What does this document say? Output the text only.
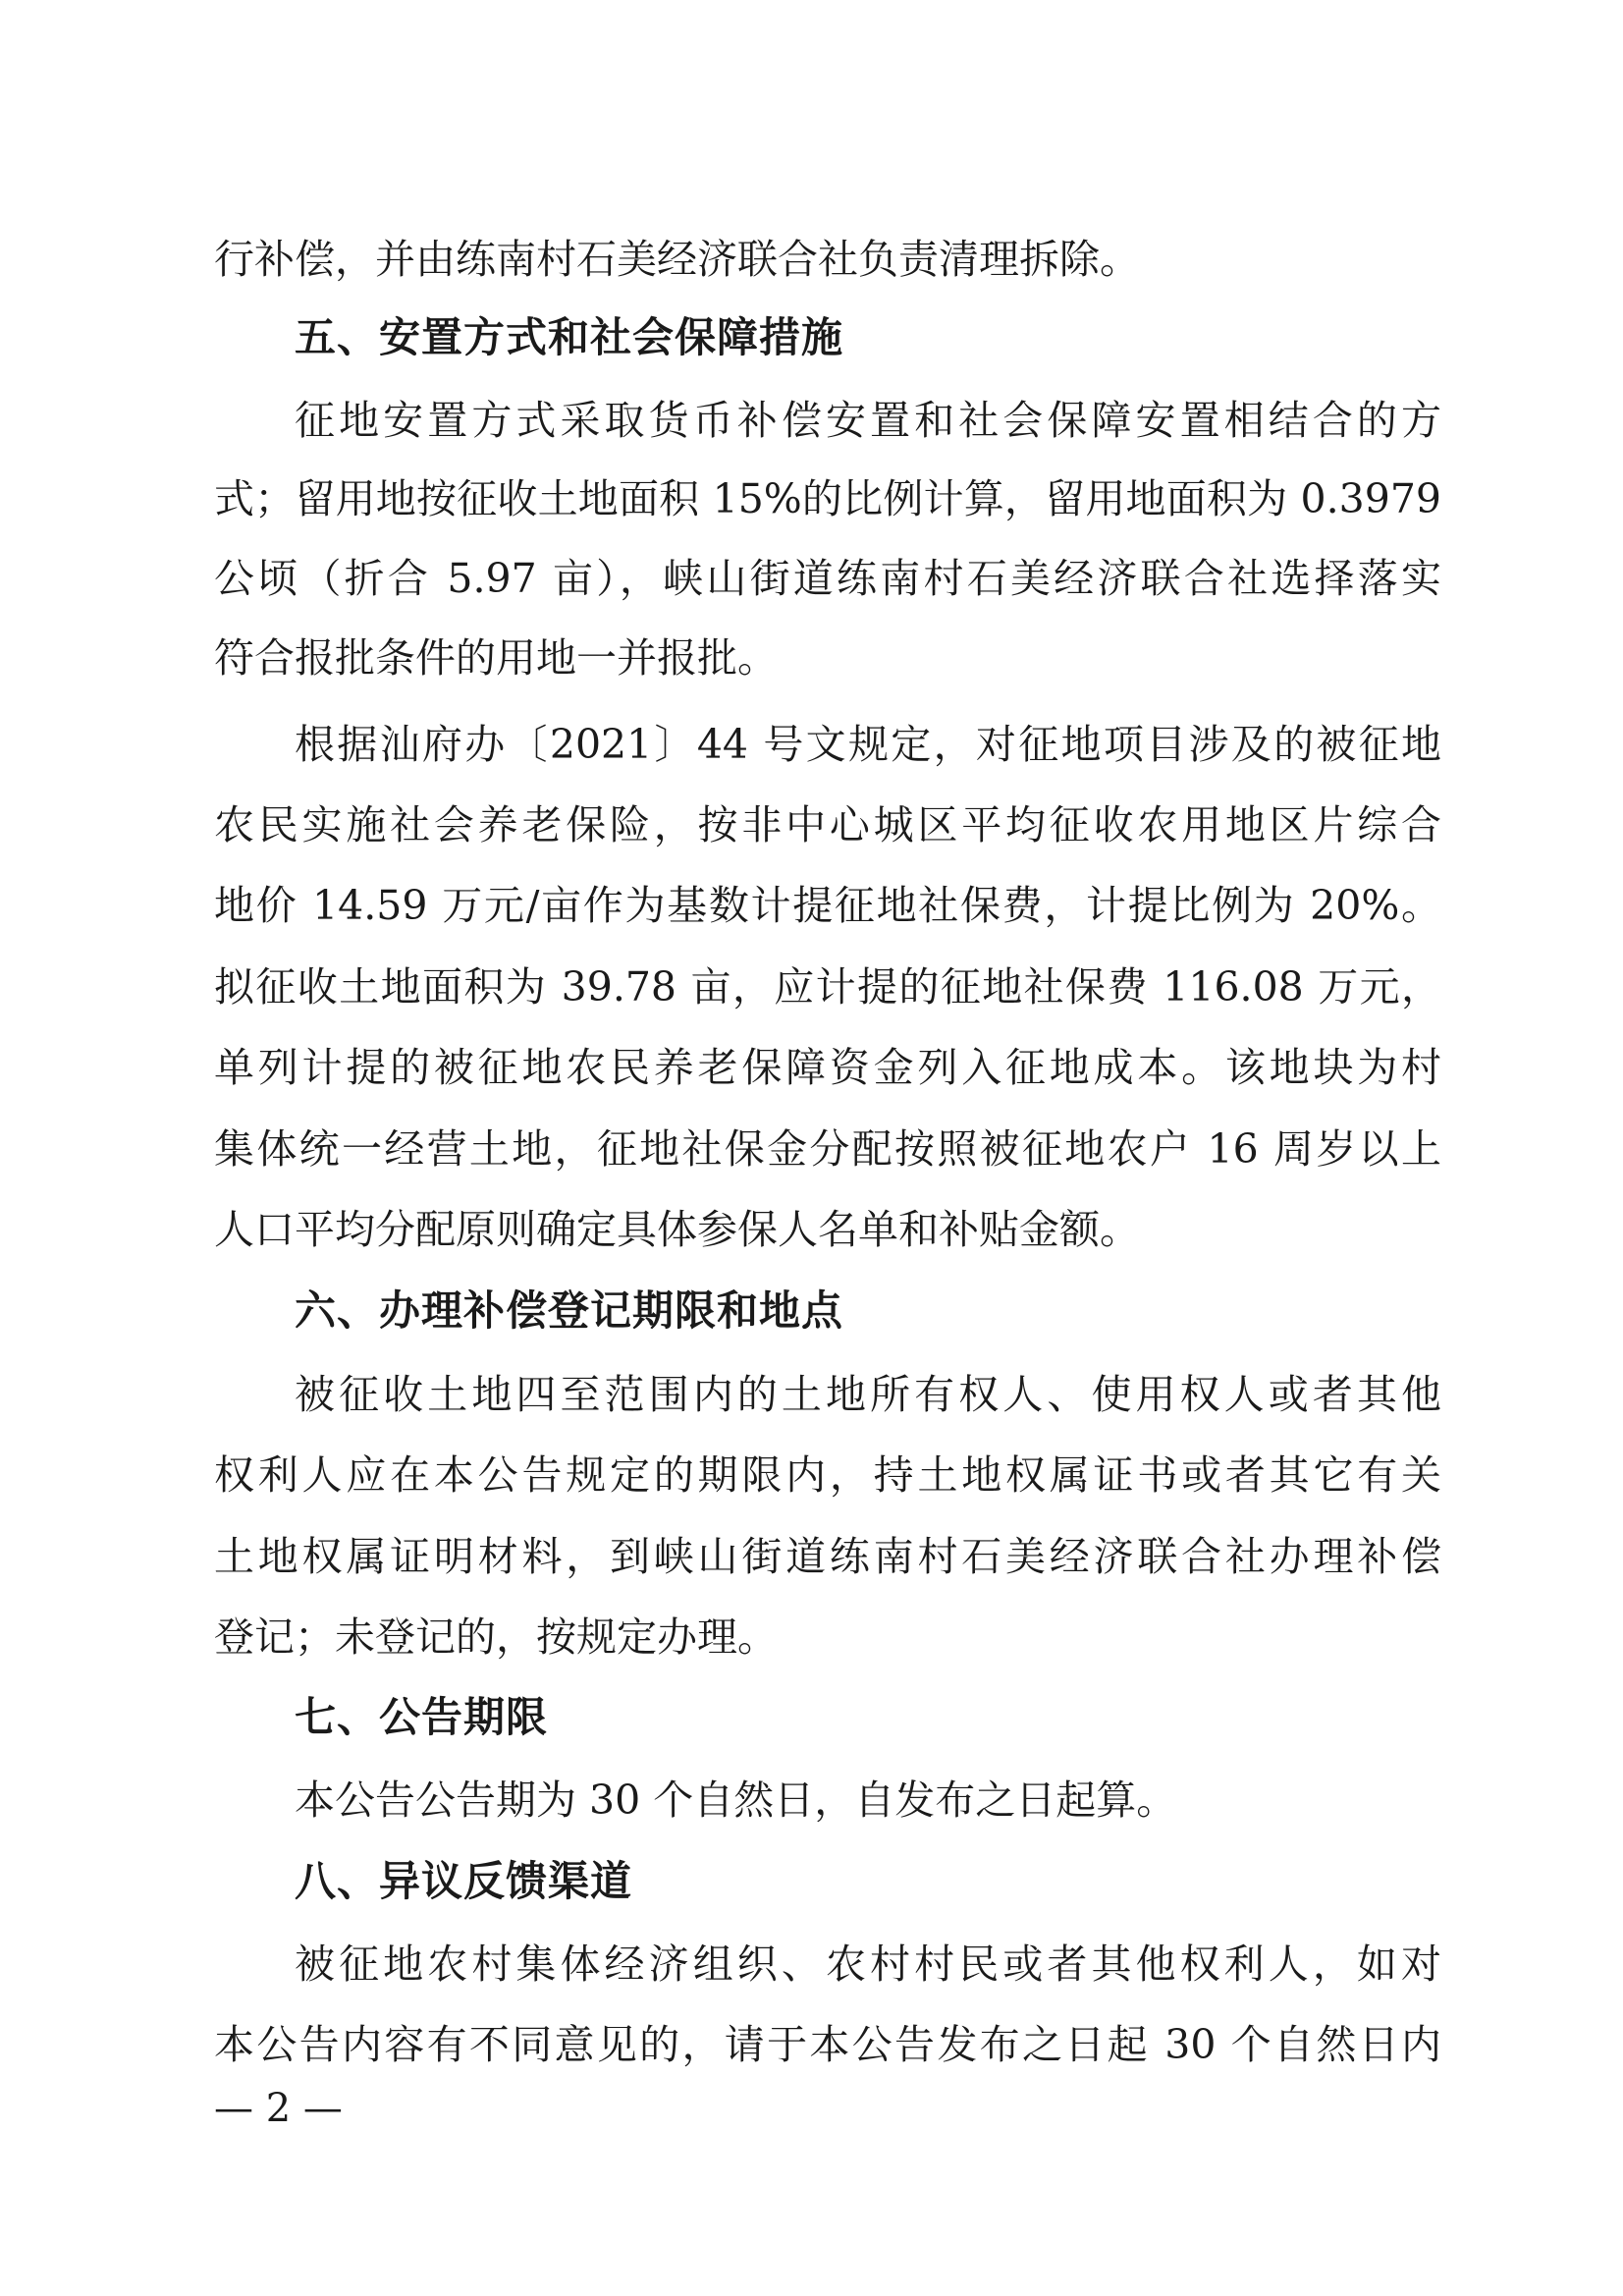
行补偿，并由练南村石美经济联合社负责清理拆除。
五、安置方式和社会保障措施
征地安置方式采取货币补偿安置和社会保障安置相结合的方
式；留用地按征收土地面积 15%的比例计算，留用地面积为 0.3979
公顷（折合 5.97 亩），峡山街道练南村石美经济联合社选择落实
符合报批条件的用地一并报批。
根据汕府办〔2021〕44 号文规定，对征地项目涉及的被征地
农民实施社会养老保险，按非中心城区平均征收农用地区片综合
地价 14.59 万元/亩作为基数计提征地社保费，计提比例为 20%。
拟征收土地面积为 39.78 亩，应计提的征地社保费 116.08 万元，
单列计提的被征地农民养老保障资金列入征地成本。该地块为村
集体统一经营土地，征地社保金分配按照被征地农户 16 周岁以上
人口平均分配原则确定具体参保人名单和补贴金额。
六、办理补偿登记期限和地点
被征收土地四至范围内的土地所有权人、使用权人或者其他
权利人应在本公告规定的期限内，持土地权属证书或者其它有关
土地权属证明材料，到峡山街道练南村石美经济联合社办理补偿
登记；未登记的，按规定办理。
七、公告期限
本公告公告期为 30 个自然日，自发布之日起算。
八、异议反馈渠道
被征地农村集体经济组织、农村村民或者其他权利人，如对
本公告内容有不同意见的，请于本公告发布之日起 30 个自然日内
— 2 —
